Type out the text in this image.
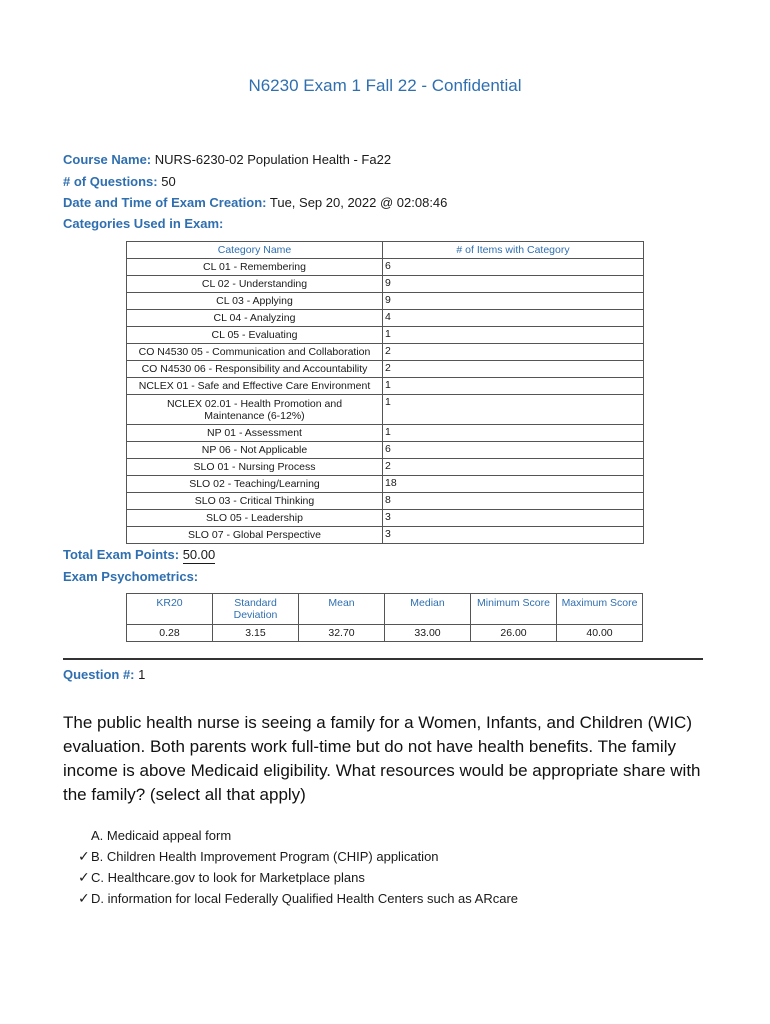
N6230 Exam 1 Fall 22 - Confidential
Course Name: NURS-6230-02 Population Health - Fa22
# of Questions: 50
Date and Time of Exam Creation: Tue, Sep 20, 2022 @ 02:08:46
Categories Used in Exam:
Category Name	# of Items with Category
CL 01 - Remembering	6
CL 02 - Understanding	9
CL 03 - Applying	9
CL 04 - Analyzing	4
CL 05 - Evaluating	1
CO N4530 05 - Communication and Collaboration	2
CO N4530 06 - Responsibility and Accountability	2
NCLEX 01 - Safe and Effective Care Environment	1
NCLEX 02.01 - Health Promotion and Maintenance (6-12%)	1
NP 01 - Assessment	1
NP 06 - Not Applicable	6
SLO 01 - Nursing Process	2
SLO 02 - Teaching/Learning	18
SLO 03 - Critical Thinking	8
SLO 05 - Leadership	3
SLO 07 - Global Perspective	3
Total Exam Points: 50.00
Exam Psychometrics:
KR20	Standard Deviation	Mean	Median	Minimum Score	Maximum Score
0.28	3.15	32.70	33.00	26.00	40.00
Question #: 1
The public health nurse is seeing a family for a Women, Infants, and Children (WIC) evaluation. Both parents work full-time but do not have health benefits. The family income is above Medicaid eligibility. What resources would be appropriate share with the family? (select all that apply)
A. Medicaid appeal form
✓ B. Children Health Improvement Program (CHIP) application
✓ C. Healthcare.gov to look for Marketplace plans
✓ D. information for local Federally Qualified Health Centers such as ARcare
